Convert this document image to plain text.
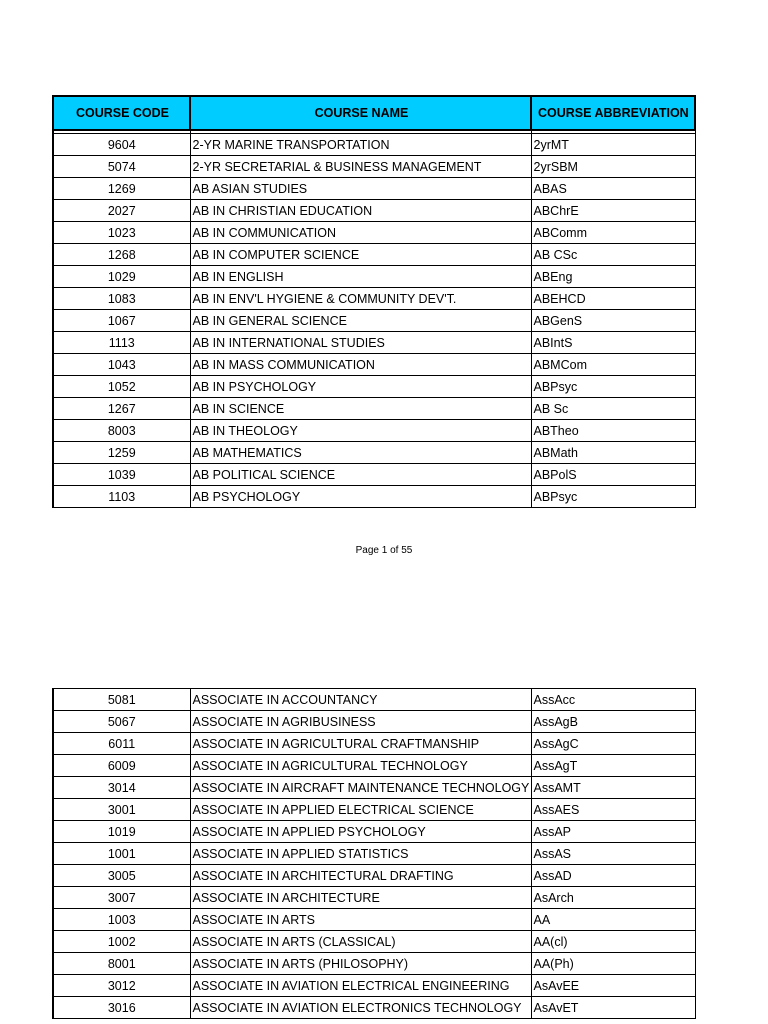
COURSE CODE	COURSE NAME	COURSE ABBREVIATION

9604	2-YR MARINE TRANSPORTATION	2yrMT
5074	2-YR SECRETARIAL & BUSINESS MANAGEMENT	2yrSBM
1269	AB ASIAN STUDIES	ABAS
2027	AB IN CHRISTIAN EDUCATION	ABChrE
1023	AB IN COMMUNICATION	ABComm
1268	AB IN COMPUTER SCIENCE	AB CSc
1029	AB IN ENGLISH	ABEng
1083	AB IN ENV'L HYGIENE & COMMUNITY DEV'T.	ABEHCD
1067	AB IN GENERAL SCIENCE	ABGenS
1113	AB IN INTERNATIONAL STUDIES	ABIntS
1043	AB IN MASS COMMUNICATION	ABMCom
1052	AB IN PSYCHOLOGY	ABPsyc
1267	AB IN SCIENCE	AB Sc
8003	AB IN THEOLOGY	ABTheo
1259	AB MATHEMATICS	ABMath
1039	AB POLITICAL SCIENCE	ABPolS
1103	AB PSYCHOLOGY	ABPsyc
Page 1 of 55
5081	ASSOCIATE IN ACCOUNTANCY	AssAcc
5067	ASSOCIATE IN AGRIBUSINESS	AssAgB
6011	ASSOCIATE IN AGRICULTURAL CRAFTMANSHIP	AssAgC
6009	ASSOCIATE IN AGRICULTURAL TECHNOLOGY	AssAgT
3014	ASSOCIATE IN AIRCRAFT MAINTENANCE TECHNOLOGY	AssAMT
3001	ASSOCIATE IN APPLIED ELECTRICAL SCIENCE	AssAES
1019	ASSOCIATE IN APPLIED PSYCHOLOGY	AssAP
1001	ASSOCIATE IN APPLIED STATISTICS	AssAS
3005	ASSOCIATE IN ARCHITECTURAL DRAFTING	AssAD
3007	ASSOCIATE IN ARCHITECTURE	AsArch
1003	ASSOCIATE IN ARTS	AA
1002	ASSOCIATE IN ARTS (CLASSICAL)	AA(cl)
8001	ASSOCIATE IN ARTS (PHILOSOPHY)	AA(Ph)
3012	ASSOCIATE IN AVIATION ELECTRICAL ENGINEERING	AsAvEE
3016	ASSOCIATE IN AVIATION ELECTRONICS TECHNOLOGY	AsAvET
